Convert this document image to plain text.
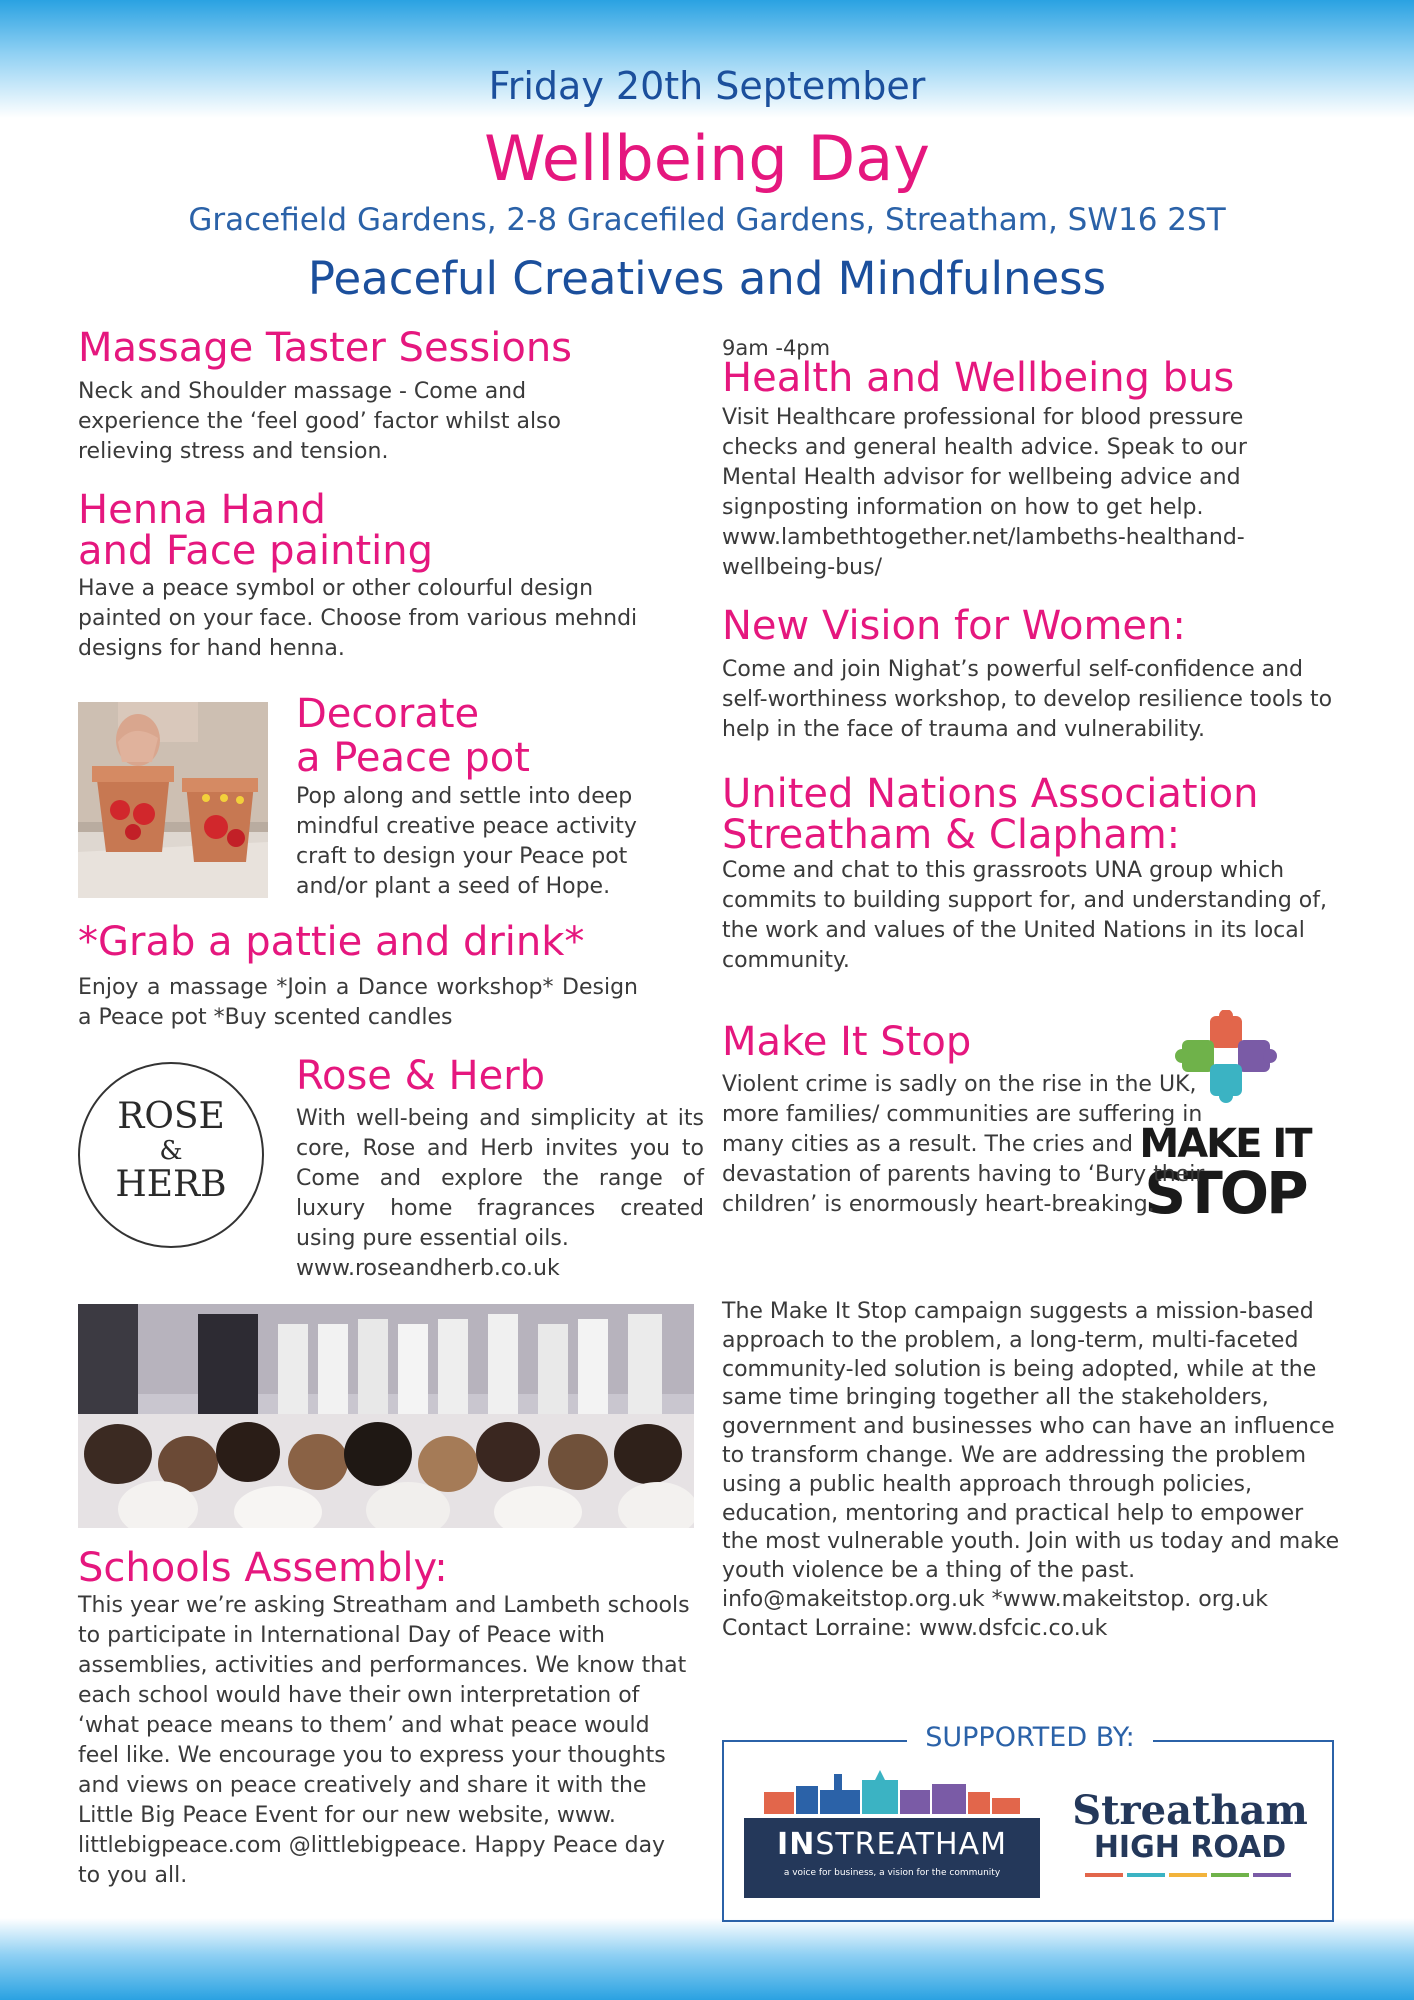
Friday 20th September
Wellbeing Day
Gracefield Gardens, 2-8 Gracefiled Gardens, Streatham, SW16 2ST
Peaceful Creatives and Mindfulness
Massage Taster Sessions

Neck and Shoulder massage - Come and experience the ‘feel good’ factor whilst also relieving stress and tension.

Henna Hand
and Face painting

Have a peace symbol or other colourful design painted on your face. Choose from various mehndi designs for hand henna.

Decorate
a Peace pot

Pop along and settle into deep mindful creative peace activity craft to design your Peace pot and/or plant a seed of Hope.

*Grab a pattie and drink*

Enjoy a massage *Join a Dance workshop* Design a Peace pot *Buy scented candles

ROSE
&
HERB
Rose & Herb

With well-being and simplicity at its core, Rose and Herb invites you to Come and explore the range of luxury home fragrances created using pure essential oils.

www.roseandherb.co.uk

Schools Assembly:

This year we’re asking Streatham and Lambeth schools to participate in International Day of Peace with assemblies, activities and performances. We know that each school would have their own interpretation of ‘what peace means to them’ and what peace would feel like. We encourage you to express your thoughts and views on peace creatively and share it with the Little Big Peace Event for our new website, www. littlebigpeace.com @littlebigpeace. Happy Peace day to you all.

9am -4pm
Health and Wellbeing bus

Visit Healthcare professional for blood pressure checks and general health advice. Speak to our Mental Health advisor for wellbeing advice and signposting information on how to get help.

www.lambethtogether.net/lambeths-healthand-wellbeing-bus/

New Vision for Women:

Come and join Nighat’s powerful self-confidence and self-worthiness workshop, to develop resilience tools to help in the face of trauma and vulnerability.

United Nations Association
Streatham & Clapham:

Come and chat to this grassroots UNA group which commits to building support for, and understanding of, the work and values of the United Nations in its local community.

Make It Stop

Violent crime is sadly on the rise in the UK, more families/ communities are suffering in many cities as a result. The cries and devastation of parents having to ‘Bury their children’ is enormously heart-breaking.

MAKE IT
STOP

The Make It Stop campaign suggests a mission-based approach to the problem, a long-term, multi-faceted community-led solution is being adopted, while at the same time bringing together all the stakeholders, government and businesses who can have an influence to transform change. We are addressing the problem using a public health approach through policies, education, mentoring and practical help to empower the most vulnerable youth. Join with us today and make youth violence be a thing of the past. info@makeitstop.org.uk *www.makeitstop. org.uk Contact Lorraine: www.dsfcic.co.uk

SUPPORTED BY:
INSTREATHAM
a voice for business, a vision for the community
Streatham
HIGH ROAD
